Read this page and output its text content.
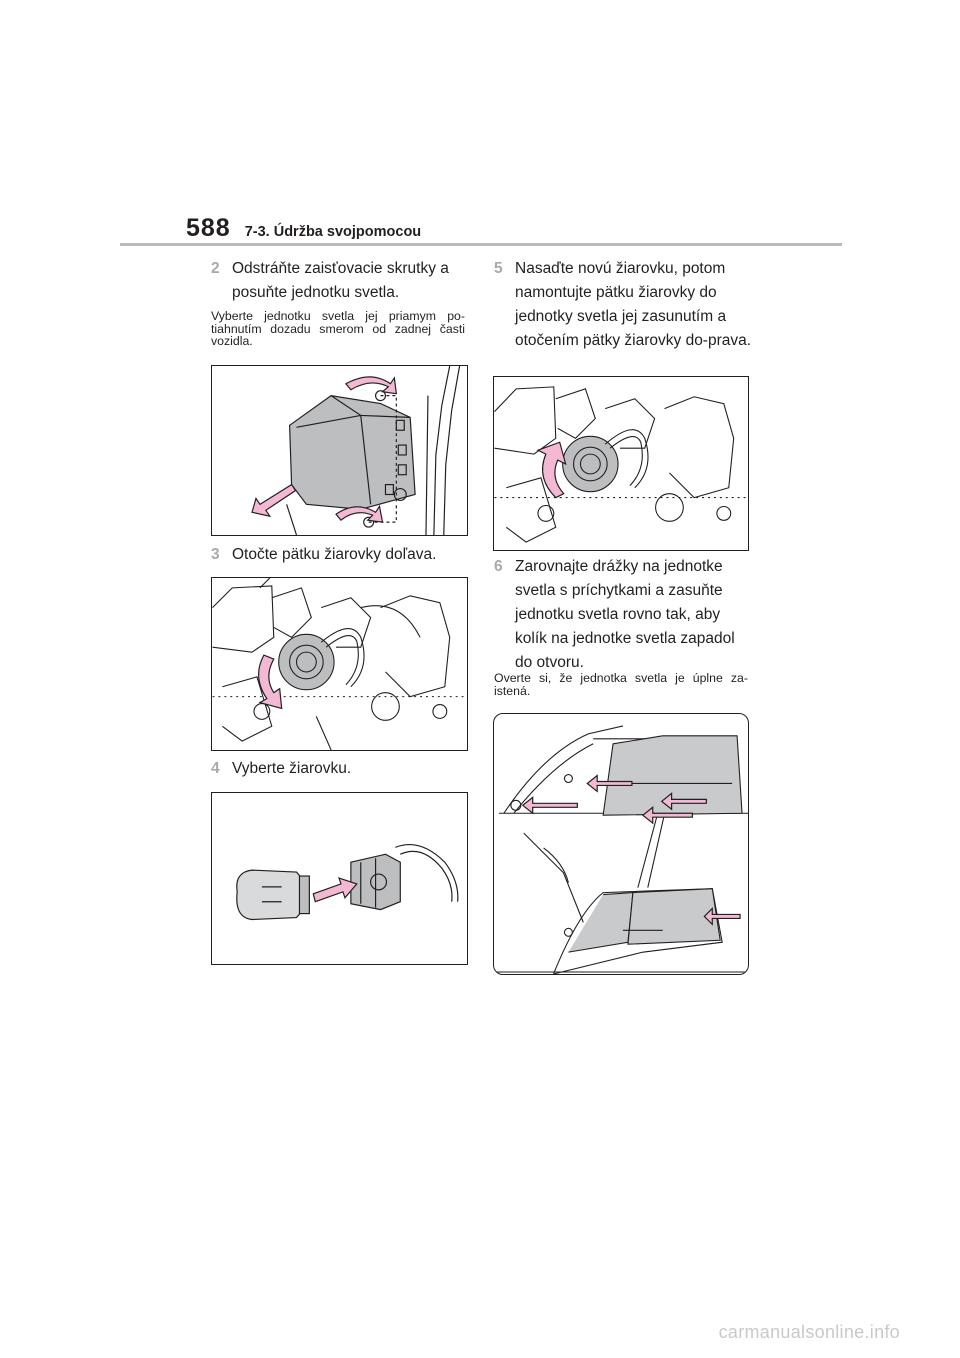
588 7-3. Údržba svojpomocou
2 Odstráňte zaisťovacie skrutky a posuňte jednotku svetla.
Vyberte jednotku svetla jej priamym po-tiahnutím dozadu smerom od zadnej časti vozidla.
3 Otočte pätku žiarovky doľava.
4 Vyberte žiarovku.
5 Nasaďte novú žiarovku, potom namontujte pätku žiarovky do jednotky svetla jej zasunutím a otočením pätky žiarovky do-prava.
6 Zarovnajte drážky na jednotke svetla s príchytkami a zasuňte jednotku svetla rovno tak, aby kolík na jednotke svetla zapadol do otvoru.
Overte si, že jednotka svetla je úplne za-istená.
carmanualsonline.info
